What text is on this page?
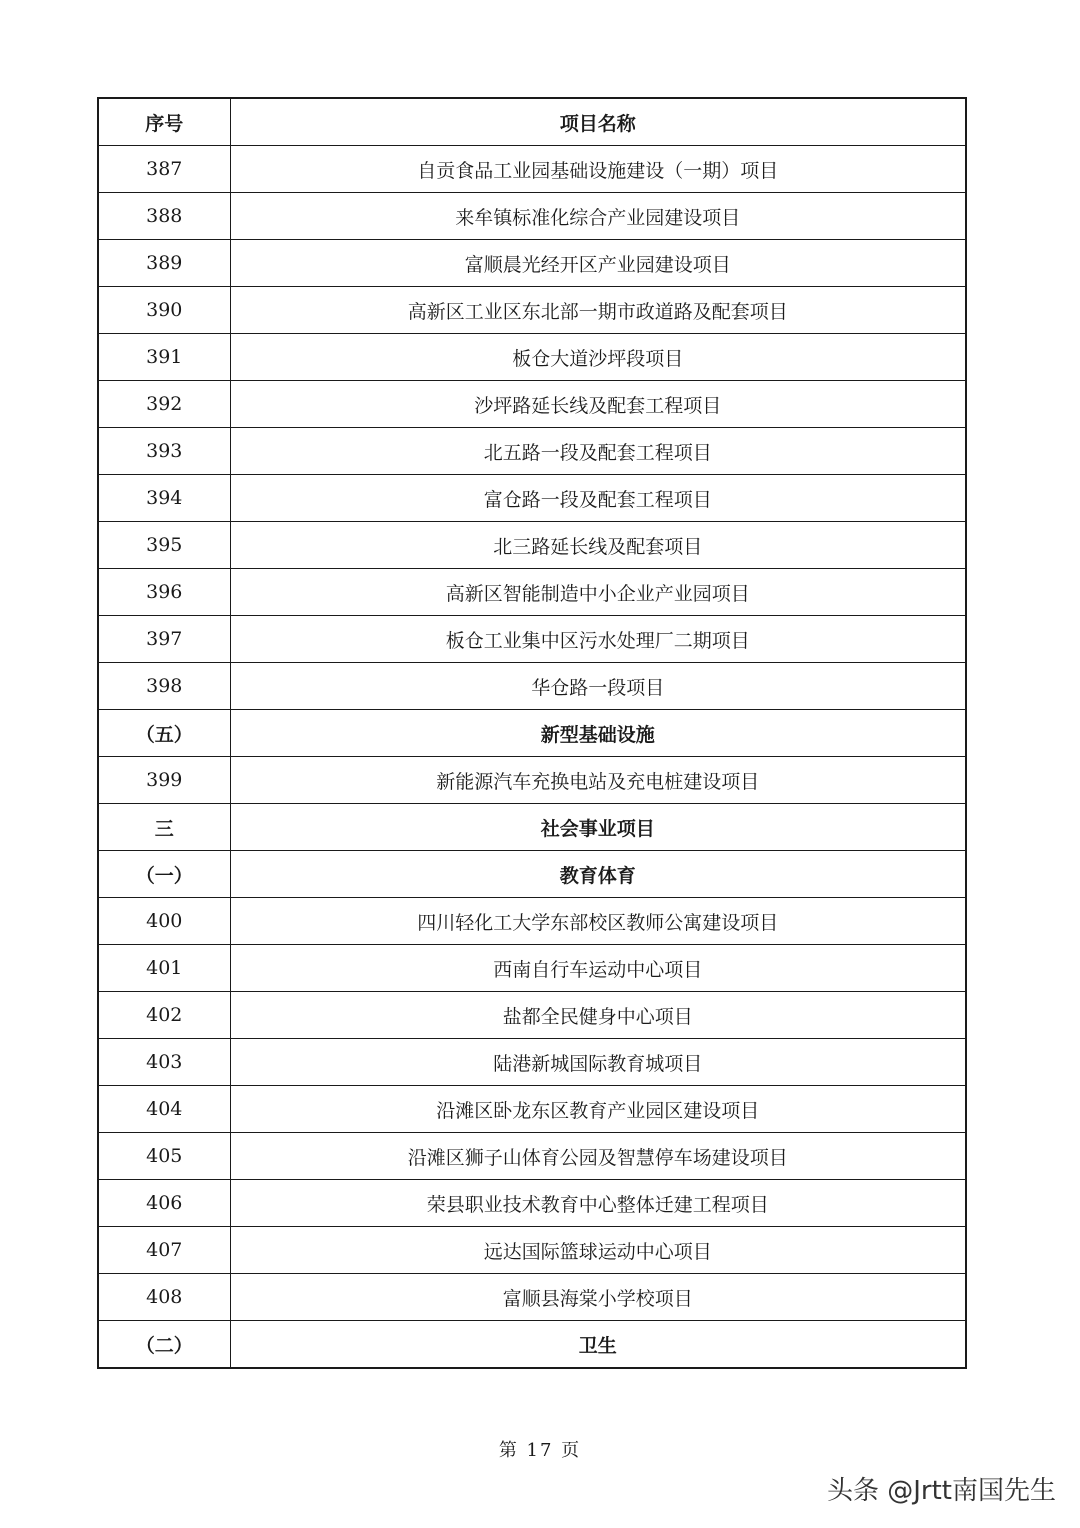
序号	项目名称
387	自贡食品工业园基础设施建设（一期）项目
388	来牟镇标准化综合产业园建设项目
389	富顺晨光经开区产业园建设项目
390	高新区工业区东北部一期市政道路及配套项目
391	板仓大道沙坪段项目
392	沙坪路延长线及配套工程项目
393	北五路一段及配套工程项目
394	富仓路一段及配套工程项目
395	北三路延长线及配套项目
396	高新区智能制造中小企业产业园项目
397	板仓工业集中区污水处理厂二期项目
398	华仓路一段项目
（五）	新型基础设施
399	新能源汽车充换电站及充电桩建设项目
三	社会事业项目
（一）	教育体育
400	四川轻化工大学东部校区教师公寓建设项目
401	西南自行车运动中心项目
402	盐都全民健身中心项目
403	陆港新城国际教育城项目
404	沿滩区卧龙东区教育产业园区建设项目
405	沿滩区狮子山体育公园及智慧停车场建设项目
406	荣县职业技术教育中心整体迁建工程项目
407	远达国际篮球运动中心项目
408	富顺县海棠小学校项目
（二）	卫生
第 17 页
头条 @Jrtt南国先生
